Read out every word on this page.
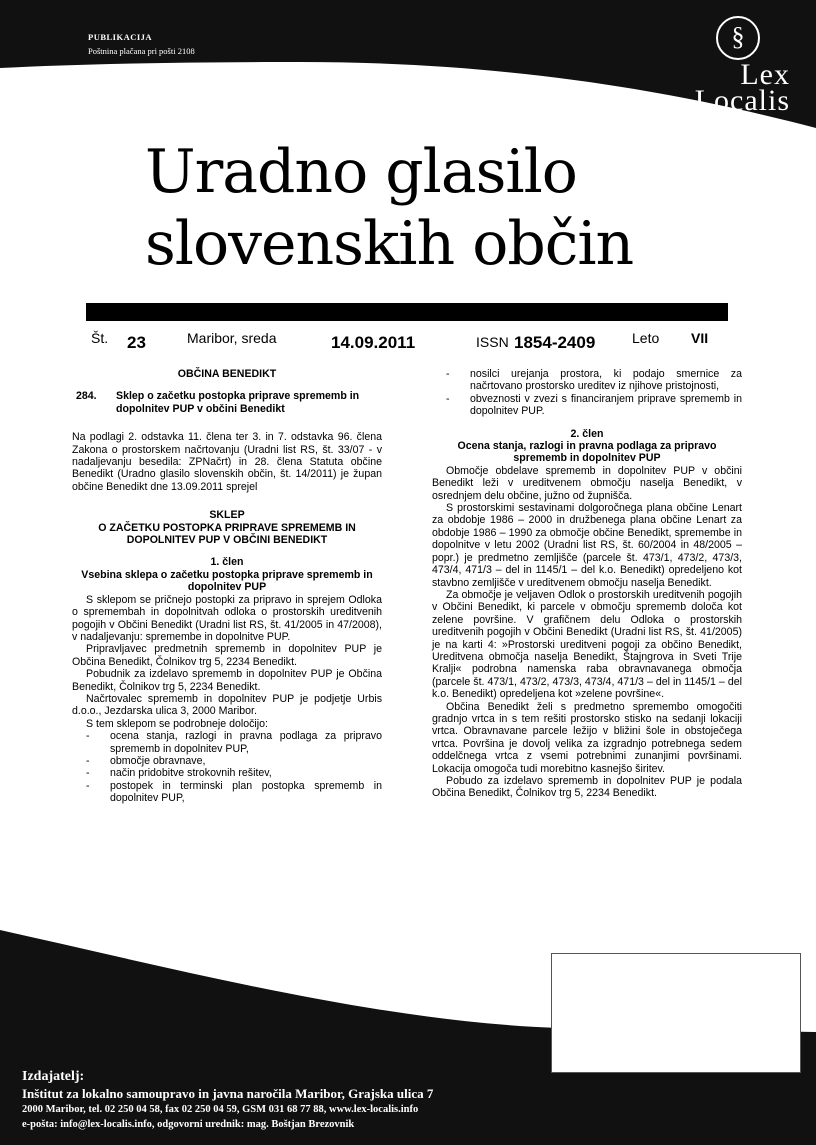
PUBLIKACIJA
Poštnina plačana pri pošti 2108	§
Lex
Localis
Uradno glasilo
slovenskih občin
Št. 23	Maribor, sreda	14.09.2011	ISSN 1854-2409	Leto VII
OBČINA BENEDIKT
284.	Sklep o začetku postopka priprave sprememb in dopolnitev PUP v občini Benedikt

Na podlagi 2. odstavka 11. člena ter 3. in 7. odstavka 96. člena Zakona o prostorskem načrtovanju (Uradni list RS, št. 33/07 - v nadaljevanju besedila: ZPNačrt) in 28. člena Statuta občine Benedikt (Uradno glasilo slovenskih občin, št. 14/2011) je župan občine Benedikt dne 13.09.2011 sprejel

SKLEP
O ZAČETKU POSTOPKA PRIPRAVE SPREMEMB IN DOPOLNITEV PUP V OBČINI BENEDIKT
1. člen
Vsebina sklepa o začetku postopka priprave sprememb in dopolnitev PUP

S sklepom se pričnejo postopki za pripravo in sprejem Odloka o spremembah in dopolnitvah odloka o prostorskih ureditvenih pogojih v Občini Benedikt (Uradni list RS, št. 41/2005 in 47/2008), v nadaljevanju: spremembe in dopolnitve PUP.

Pripravljavec predmetnih sprememb in dopolnitev PUP je Občina Benedikt, Čolnikov trg 5, 2234 Benedikt.

Pobudnik za izdelavo sprememb in dopolnitev PUP je Občina Benedikt, Čolnikov trg 5, 2234 Benedikt.

Načrtovalec sprememb in dopolnitev PUP je podjetje Urbis d.o.o., Jezdarska ulica 3, 2000 Maribor.

S tem sklepom se podrobneje določijo:

-	ocena stanja, razlogi in pravna podlaga za pripravo sprememb in dopolnitev PUP,
-	območje obravnave,
-	način pridobitve strokovnih rešitev,
-	postopek in terminski plan postopka sprememb in dopolnitev PUP,
-	nosilci urejanja prostora, ki podajo smernice za načrtovano prostorsko ureditev iz njihove pristojnosti,
-	obveznosti v zvezi s financiranjem priprave sprememb in dopolnitev PUP.
2. člen
Ocena stanja, razlogi in pravna podlaga za pripravo sprememb in dopolnitev PUP

Območje obdelave sprememb in dopolnitev PUP v občini Benedikt leži v ureditvenem območju naselja Benedikt, v osrednjem delu občine, južno od župnišča.

S prostorskimi sestavinami dolgoročnega plana občine Lenart za obdobje 1986 – 2000 in družbenega plana občine Lenart za obdobje 1986 – 1990 za območje občine Benedikt, spremembe in dopolnitve v letu 2002 (Uradni list RS, št. 60/2004 in 48/2005 – popr.) je predmetno zemljišče (parcele št. 473/1, 473/2, 473/3, 473/4, 471/3 – del in 1145/1 – del k.o. Benedikt) opredeljeno kot stavbno zemljišče v ureditvenem območju naselja Benedikt.

Za območje je veljaven Odlok o prostorskih ureditvenih pogojih v Občini Benedikt, ki parcele v območju sprememb določa kot zelene površine. V grafičnem delu Odloka o prostorskih ureditvenih pogojih v Občini Benedikt (Uradni list RS, št. 41/2005) je na karti 4: »Prostorski ureditveni pogoji za občino Benedikt, Ureditvena območja naselja Benedikt, Štajngrova in Sveti Trije Kralji« podrobna namenska raba obravnavanega območja (parcele št. 473/1, 473/2, 473/3, 473/4, 471/3 – del in 1145/1 – del k.o. Benedikt) opredeljena kot »zelene površine«.

Občina Benedikt želi s predmetno spremembo omogočiti gradnjo vrtca in s tem rešiti prostorsko stisko na sedanji lokaciji vrtca. Obravnavane parcele ležijo v bližini šole in obstoječega vrtca. Površina je dovolj velika za izgradnjo potrebnega sedem oddelčnega vrtca z vsemi potrebnimi zunanjimi površinami. Lokacija omogoča tudi morebitno kasnejšo širitev.

Pobudo za izdelavo sprememb in dopolnitev PUP je podala Občina Benedikt, Čolnikov trg 5, 2234 Benedikt.

Izdajatelj:
Inštitut za lokalno samoupravo in javna naročila Maribor, Grajska ulica 7
2000 Maribor, tel. 02 250 04 58, fax 02 250 04 59, GSM 031 68 77 88, www.lex-localis.info
e-pošta: info@lex-localis.info, odgovorni urednik: mag. Boštjan Brezovnik
